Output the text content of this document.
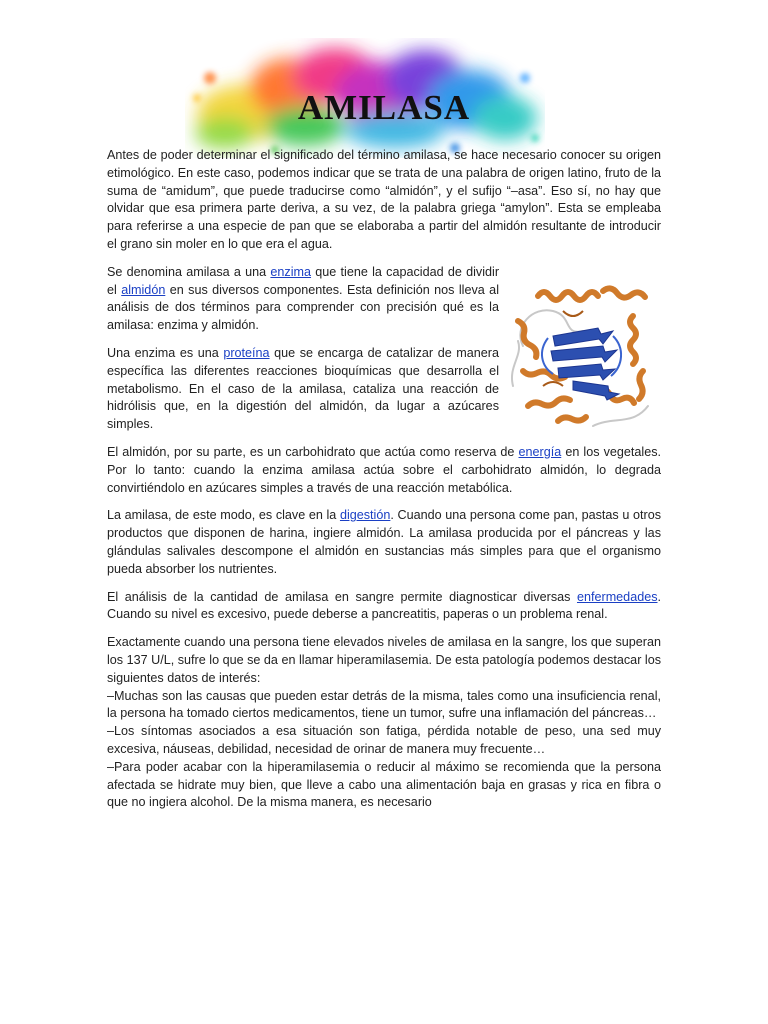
AMILASA

Antes de poder determinar el significado del término amilasa, se hace necesario conocer su origen etimológico. En este caso, podemos indicar que se trata de una palabra de origen latino, fruto de la suma de “amidum”, que puede traducirse como “almidón”, y el sufijo “–asa”. Eso sí, no hay que olvidar que esa primera parte deriva, a su vez, de la palabra griega “amylon”. Esta se empleaba para referirse a una especie de pan que se elaboraba a partir del almidón resultante de introducir el grano sin moler en lo que era el agua.

Se denomina amilasa a una enzima que tiene la capacidad de dividir el almidón en sus diversos componentes. Esta definición nos lleva al análisis de dos términos para comprender con precisión qué es la amilasa: enzima y almidón.

Una enzima es una proteína que se encarga de catalizar de manera específica las diferentes reacciones bioquímicas que desarrolla el metabolismo. En el caso de la amilasa, cataliza una reacción de hidrólisis que, en la digestión del almidón, da lugar a azúcares simples.

El almidón, por su parte, es un carbohidrato que actúa como reserva de energía en los vegetales. Por lo tanto: cuando la enzima amilasa actúa sobre el carbohidrato almidón, lo degrada convirtiéndolo en azúcares simples a través de una reacción metabólica.

La amilasa, de este modo, es clave en la digestión. Cuando una persona come pan, pastas u otros productos que disponen de harina, ingiere almidón. La amilasa producida por el páncreas y las glándulas salivales descompone el almidón en sustancias más simples para que el organismo pueda absorber los nutrientes.

El análisis de la cantidad de amilasa en sangre permite diagnosticar diversas enfermedades. Cuando su nivel es excesivo, puede deberse a pancreatitis, paperas o un problema renal.

Exactamente cuando una persona tiene elevados niveles de amilasa en la sangre, los que superan los 137 U/L, sufre lo que se da en llamar hiperamilasemia. De esta patología podemos destacar los siguientes datos de interés:

–Muchas son las causas que pueden estar detrás de la misma, tales como una insuficiencia renal, la persona ha tomado ciertos medicamentos, tiene un tumor, sufre una inflamación del páncreas…

–Los síntomas asociados a esa situación son fatiga, pérdida notable de peso, una sed muy excesiva, náuseas, debilidad, necesidad de orinar de manera muy frecuente…

–Para poder acabar con la hiperamilasemia o reducir al máximo se recomienda que la persona afectada se hidrate muy bien, que lleve a cabo una alimentación baja en grasas y rica en fibra o que no ingiera alcohol. De la misma manera, es necesario
